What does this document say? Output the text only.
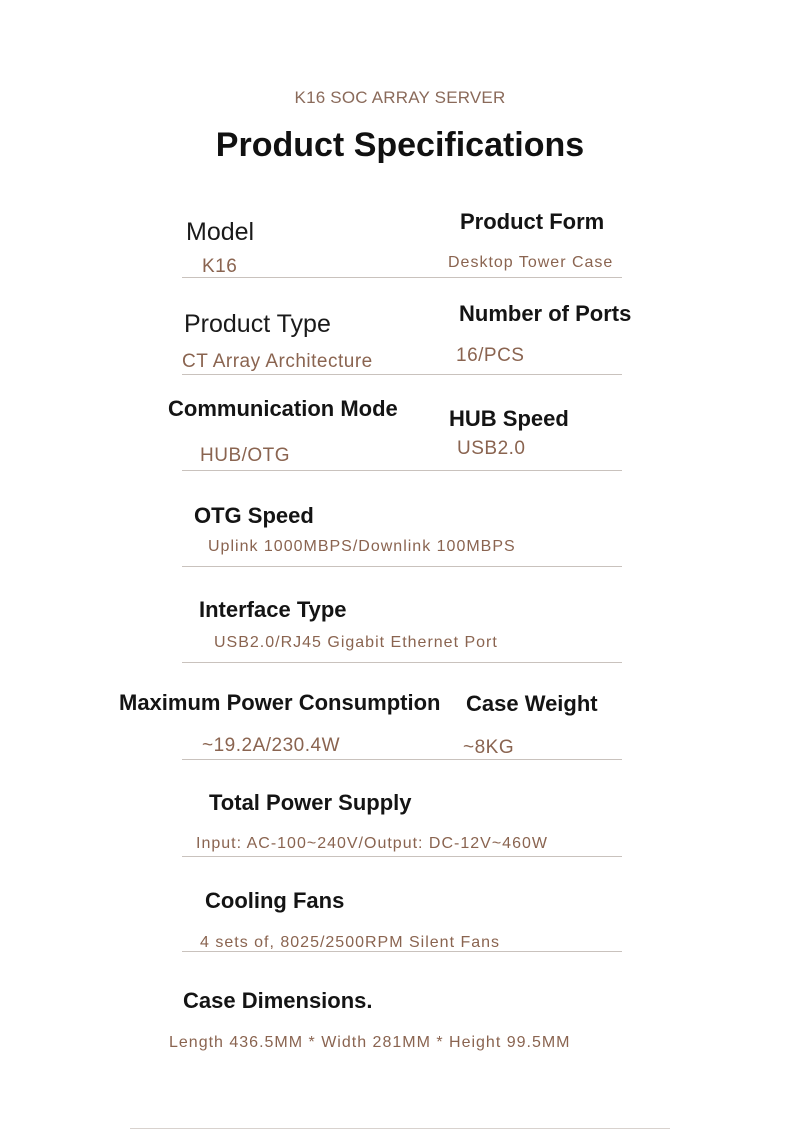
K16 SOC ARRAY SERVER
Product Specifications
Model
K16
Product Form
Desktop Tower Case
Product Type
CT Array Architecture
Number of Ports
16/PCS
Communication Mode
HUB/OTG
HUB Speed
USB2.0
OTG Speed
Uplink 1000MBPS/Downlink 100MBPS
Interface Type
USB2.0/RJ45 Gigabit Ethernet Port
Maximum Power Consumption
~19.2A/230.4W
Case Weight
~8KG
Total Power Supply
Input: AC-100~240V/Output: DC-12V~460W
Cooling Fans
4 sets of, 8025/2500RPM Silent Fans
Case Dimensions.
Length 436.5MM * Width 281MM * Height 99.5MM
